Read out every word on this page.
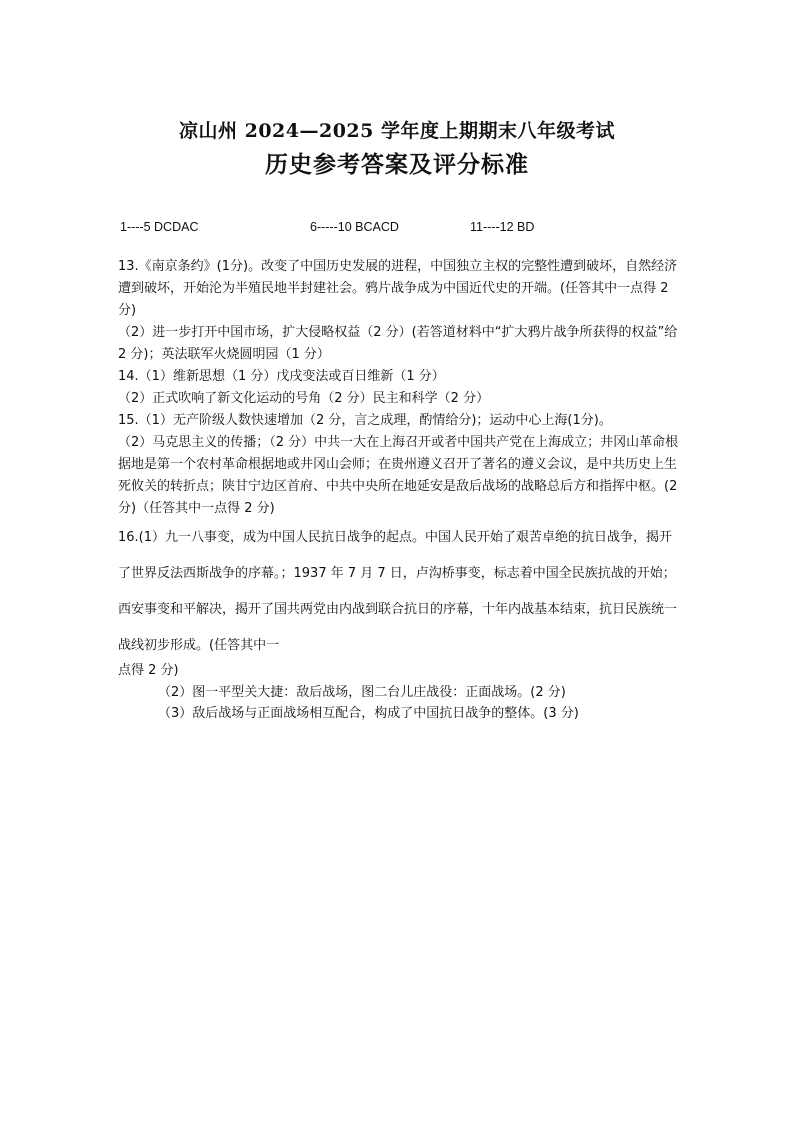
凉山州 2024—2025 学年度上期期末八年级考试
历史参考答案及评分标准
1----5 DCDAC	6-----10 BCACD	11----12 BD

13.《南京条约》(1分)。改变了中国历史发展的进程，中国独立主权的完整性遭到破坏，自然经济遭到破坏，开始沦为半殖民地半封建社会。鸦片战争成为中国近代史的开端。(任答其中一点得 2 分)

（2）进一步打开中国市场，扩大侵略权益（2 分）(若答道材料中“扩大鸦片战争所获得的权益”给 2 分)；英法联军火烧圆明园（1 分）

14.（1）维新思想（1 分）戊戌变法或百日维新（1 分）

（2）正式吹响了新文化运动的号角（2 分）民主和科学（2 分）

15.（1）无产阶级人数快速增加（2 分，言之成理，酌情给分)；运动中心上海(1分)。

（2）马克思主义的传播；（2 分）中共一大在上海召开或者中国共产党在上海成立；井冈山革命根据地是第一个农村革命根据地或井冈山会师；在贵州遵义召开了著名的遵义会议，是中共历史上生死攸关的转折点；陕甘宁边区首府、中共中央所在地延安是敌后战场的战略总后方和指挥中枢。(2 分)（任答其中一点得 2 分)

16.(1）九一八事变，成为中国人民抗日战争的起点。中国人民开始了艰苦卓绝的抗日战争，揭开了世界反法西斯战争的序幕。；1937 年 7 月 7 日，卢沟桥事变，标志着中国全民族抗战的开始；西安事变和平解决，揭开了国共两党由内战到联合抗日的序幕，十年内战基本结束，抗日民族统一战线初步形成。(任答其中一

点得 2 分)

（2）图一平型关大捷：敌后战场，图二台儿庄战役：正面战场。(2 分)

（3）敌后战场与正面战场相互配合，构成了中国抗日战争的整体。(3 分)
